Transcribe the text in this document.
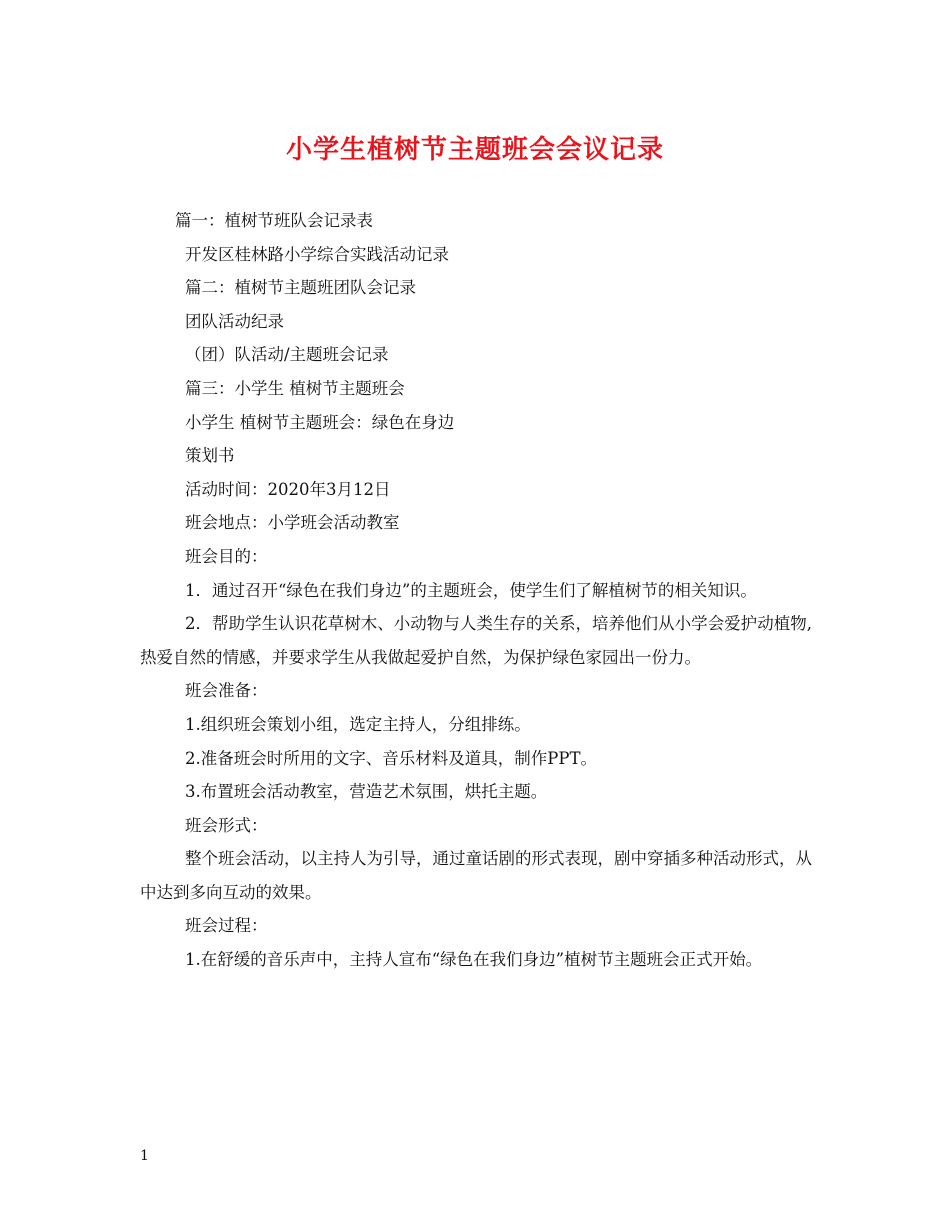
小学生植树节主题班会会议记录

篇一：植树节班队会记录表

开发区桂林路小学综合实践活动记录

篇二：植树节主题班团队会记录

团队活动纪录

（团）队活动/主题班会记录

篇三：小学生 植树节主题班会

小学生 植树节主题班会：绿色在身边

策划书

活动时间：2020年3月12日

班会地点：小学班会活动教室

班会目的：

1．通过召开“绿色在我们身边”的主题班会，使学生们了解植树节的相关知识。

2．帮助学生认识花草树木、小动物与人类生存的关系，培养他们从小学会爱护动植物,热爱自然的情感，并要求学生从我做起爱护自然，为保护绿色家园出一份力。

班会准备：

1.组织班会策划小组，选定主持人，分组排练。

2.准备班会时所用的文字、音乐材料及道具，制作PPT。

3.布置班会活动教室，营造艺术氛围，烘托主题。

班会形式：

整个班会活动，以主持人为引导，通过童话剧的形式表现，剧中穿插多种活动形式，从中达到多向互动的效果。

班会过程：

1.在舒缓的音乐声中，主持人宣布“绿色在我们身边”植树节主题班会正式开始。

1
